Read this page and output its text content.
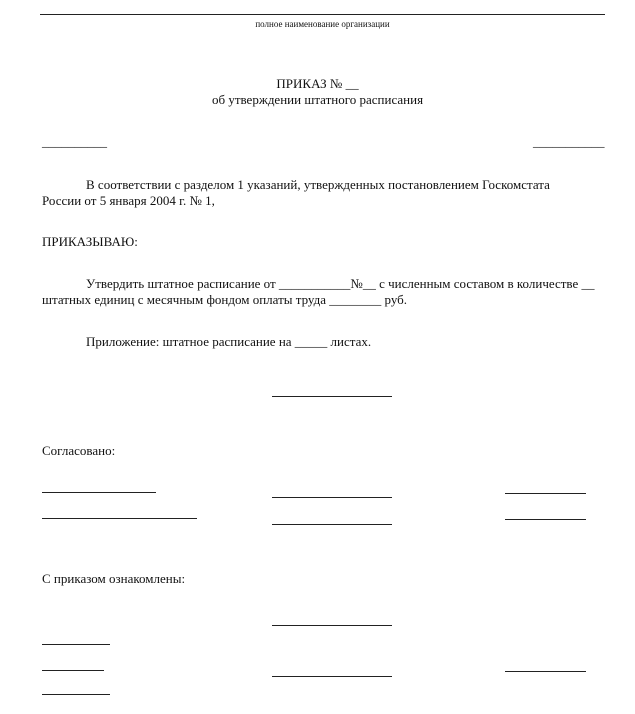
полное наименование организации
ПРИКАЗ № __
об утверждении штатного расписания
__________	___________
В соответствии с разделом 1 указаний, утвержденных постановлением Госкомстата
России от 5 января 2004 г. № 1,
ПРИКАЗЫВАЮ:
Утвердить штатное расписание от ___________№__ с численным составом в количестве __
штатных единиц с месячным фондом оплаты труда ________ руб.
Приложение: штатное расписание на _____ листах.
Согласовано:
С приказом ознакомлены:
